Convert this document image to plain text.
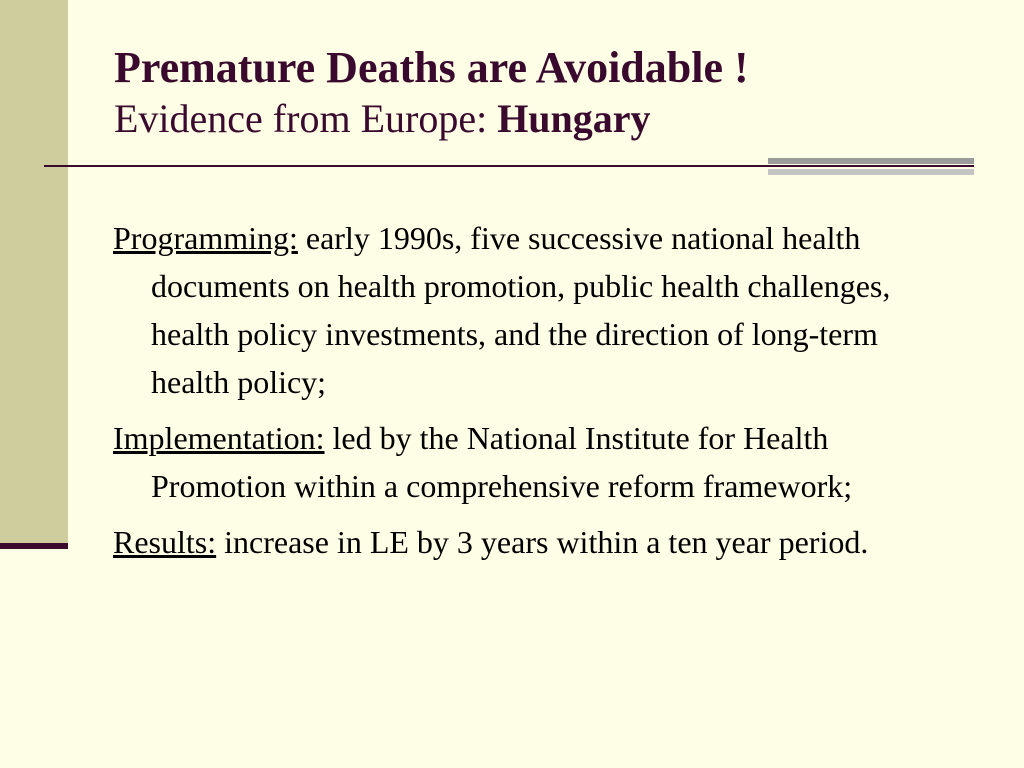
Premature Deaths are Avoidable !

Evidence from Europe: Hungary

Programming: early 1990s, five successive national health documents on health promotion, public health challenges, health policy investments, and the direction of long-term health policy;

Implementation: led by the National Institute for Health Promotion within a comprehensive reform framework;

Results: increase in LE by 3 years within a ten year period.
